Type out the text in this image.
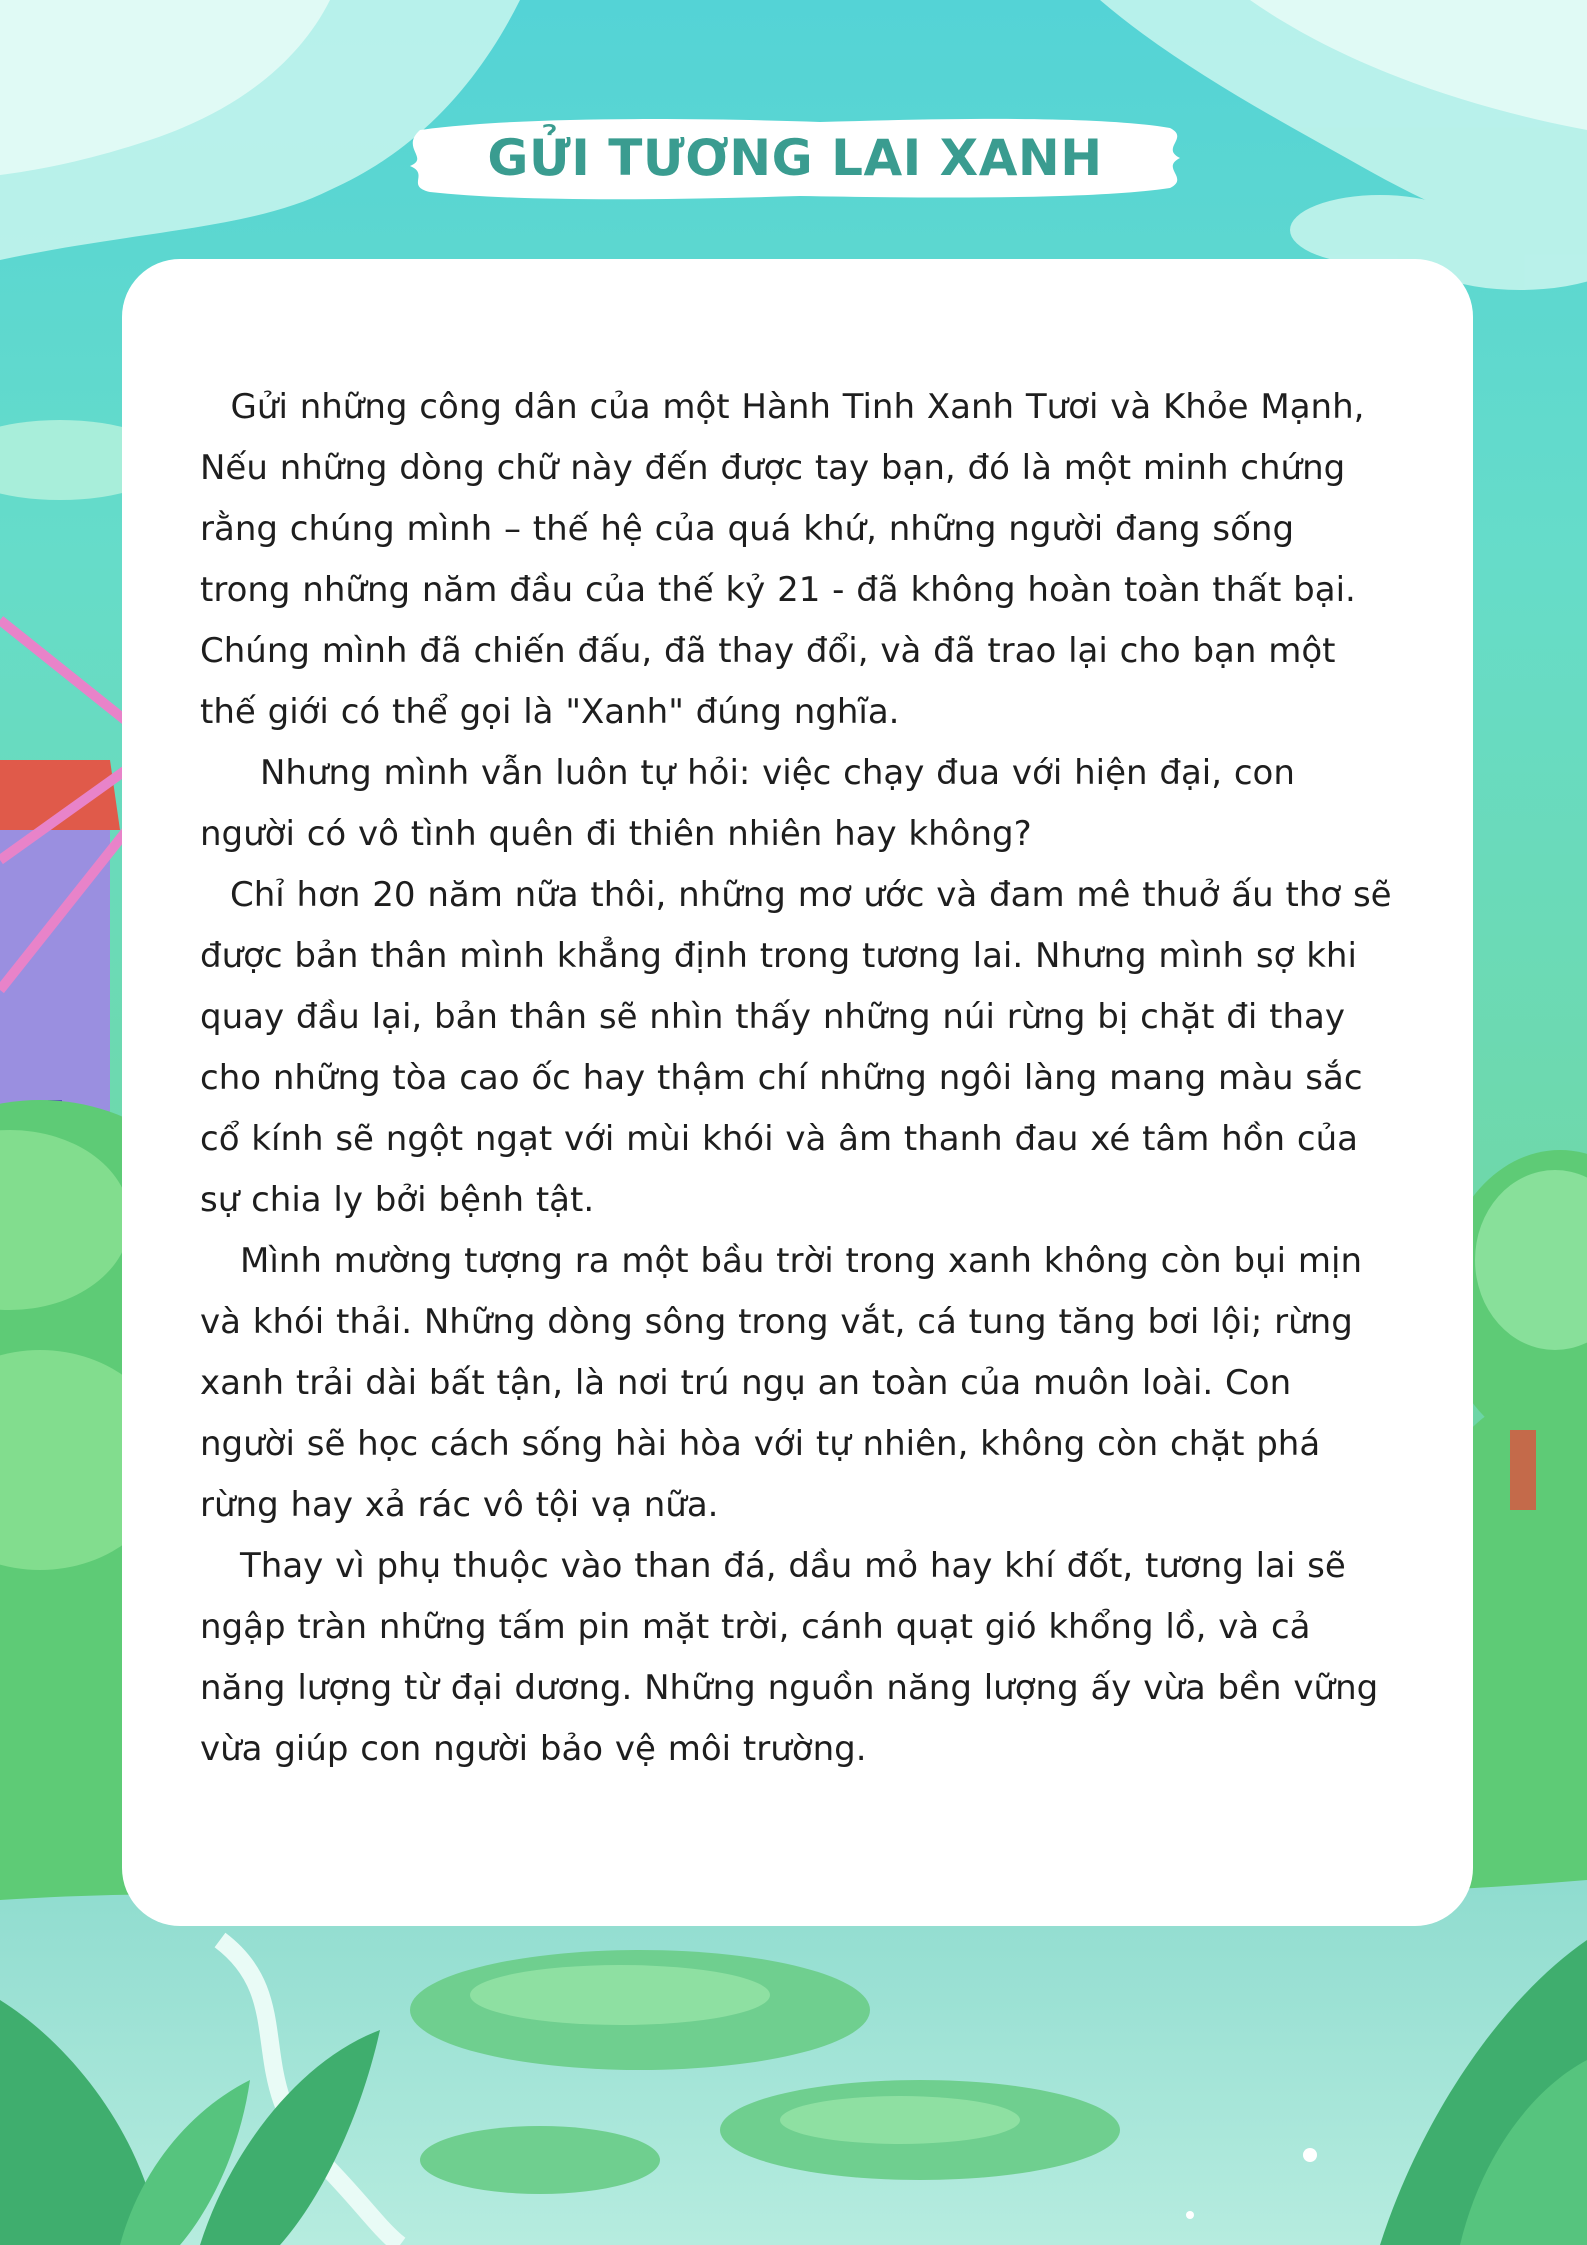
GỬI TƯƠNG LAI XANH

Gửi những công dân của một Hành Tinh Xanh Tươi và Khỏe Mạnh,

Nếu những dòng chữ này đến được tay bạn, đó là một minh chứng rằng chúng mình – thế hệ của quá khứ, những người đang sống trong những năm đầu của thế kỷ 21 - đã không hoàn toàn thất bại. Chúng mình đã chiến đấu, đã thay đổi, và đã trao lại cho bạn một thế giới có thể gọi là "Xanh" đúng nghĩa.

Nhưng mình vẫn luôn tự hỏi: việc chạy đua với hiện đại, con người có vô tình quên đi thiên nhiên hay không?

Chỉ hơn 20 năm nữa thôi, những mơ ước và đam mê thuở ấu thơ sẽ được bản thân mình khẳng định trong tương lai. Nhưng mình sợ khi quay đầu lại, bản thân sẽ nhìn thấy những núi rừng bị chặt đi thay cho những tòa cao ốc hay thậm chí những ngôi làng mang màu sắc cổ kính sẽ ngột ngạt với mùi khói và âm thanh đau xé tâm hồn của sự chia ly bởi bệnh tật.

Mình mường tượng ra một bầu trời trong xanh không còn bụi mịn và khói thải. Những dòng sông trong vắt, cá tung tăng bơi lội; rừng xanh trải dài bất tận, là nơi trú ngụ an toàn của muôn loài. Con người sẽ học cách sống hài hòa với tự nhiên, không còn chặt phá rừng hay xả rác vô tội vạ nữa.

Thay vì phụ thuộc vào than đá, dầu mỏ hay khí đốt, tương lai sẽ ngập tràn những tấm pin mặt trời, cánh quạt gió khổng lồ, và cả năng lượng từ đại dương. Những nguồn năng lượng ấy vừa bền vững vừa giúp con người bảo vệ môi trường.
